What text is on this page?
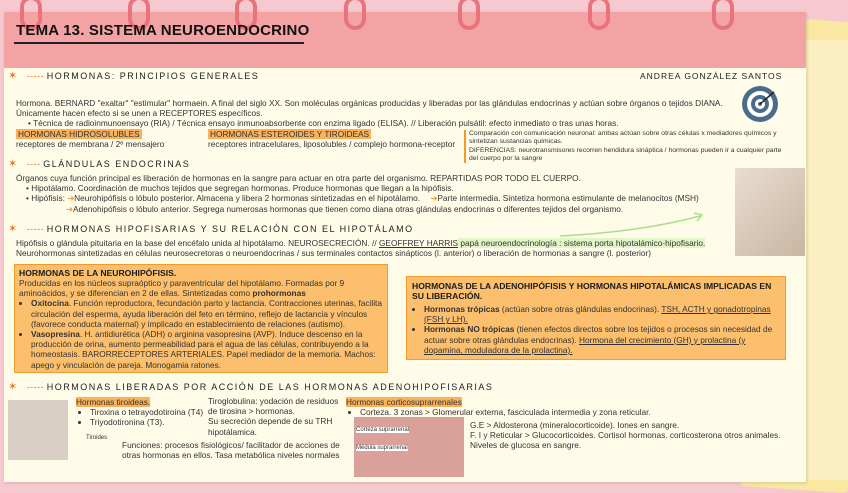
TEMA 13. SISTEMA NEUROENDOCRINO
✶ - - - - - HORMONAS: PRINCIPIOS GENERALES	ANDREA GONZÁLEZ SANTOS
Hormona. BERNARD "exaltar" "estimular" hormaein. A final del siglo XX. Son moléculas orgánicas producidas y liberadas por las glándulas endocrinas y actúan sobre órganos o tejidos DIANA.
Únicamente hacen efecto si se unen a RECEPTORES específicos.
• Técnica de radioinmunoensayo (RIA) / Técnica ensayo inmunoabsorbente con enzima ligado (ELISA). // Liberación pulsátil: efecto inmediato o tras unas horas.
HORMONAS HIDROSOLUBLES
receptores de membrana / 2º mensajero
HORMONAS ESTEROIDES Y TIROIDEAS
receptores intracelulares, liposolubles / complejo hormona-receptor
Comparación con comunicación neuronal: ambas actúan sobre otras células x mediadores químicos y sintetizan sustancias químicas.
DIFERENCIAS: neurotransmisores recorren hendidura sináptica / hormonas pueden ir a cualquier parte del cuerpo por la sangre
✶ - - - - GLÁNDULAS ENDOCRINAS
Órganos cuya función principal es liberación de hormonas en la sangre para actuar en otra parte del organismo. REPARTIDAS POR TODO EL CUERPO.
• Hipotálamo. Coordinación de muchos tejidos que segregan hormonas. Produce hormonas que llegan a la hipófisis.
• Hipófisis: ➜Neurohipófisis o lóbulo posterior. Almacena y libera 2 hormonas sintetizadas en el hipotálamo. ➜Parte intermedia. Sintetiza hormona estimulante de melanocitos (MSH)
➜Adenohipófisis o lóbulo anterior. Segrega numerosas hormonas que tienen como diana otras glándulas endocrinas o diferentes tejidos del organismo.
✶ - - - - - HORMONAS HIPOFISARIAS Y SU RELACIÓN CON EL HIPOTÁLAMO
Hipófisis o glándula pituitaria en la base del encéfalo unida al hipotálamo. NEUROSECRECIÓN. // GEOFFREY HARRIS papá neuroendocrinología : sistema porta hipotalámico-hipofisario.
Neurohormonas sintetizadas en células neurosecretoras o neuroendocrinas / sus terminales contactos sinápticos (l. anterior) o liberación de hormonas a sangre (l. posterior)
HORMONAS DE LA NEUROHIPÓFISIS.
Producidas en los núcleos supraóptico y paraventricular del hipotálamo. Formadas por 9 aminoácidos, y se diferencian en 2 de ellas. Sintetizadas como prohormonas
• Oxitocina. Función reproductora, fecundación parto y lactancia. Contracciones uterinas, facilita circulación del esperma, ayuda liberación del feto en término, reflejo de lactancia y vínculos (favorece conducta maternal) y implicado en establecimiento de relaciones (autismo).
• Vasopresina. H. antidiurética (ADH) o arginina vasopresina (AVP). Induce descenso en la producción de orina, aumento permeabilidad para el agua de las células, contribuyendo a la homeostasis. BARORRECEPTORES ARTERIALES. Papel mediador de la memoria. Machos: apego y vinculación de pareja. Monogamia ratones.
HORMONAS DE LA ADENOHIPÓFISIS Y HORMONAS HIPOTALÁMICAS IMPLICADAS EN SU LIBERACIÓN.
• Hormonas trópicas (actúan sobre otras glándulas endocrinas). TSH, ACTH y gonadotropinas (FSH y LH).
• Hormonas NO trópicas (tienen efectos directos sobre los tejidos o procesos sin necesidad de actuar sobre otras glándulas endocrinas). Hormona del crecimiento (GH) y prolactina (y dopamina, moduladora de la prolactina).
✶ - - - - - HORMONAS LIBERADAS POR ACCIÓN DE LAS HORMONAS ADENOHIPOFISARIAS
Tiroides
Hormonas tiroideas.
• Tiroxina o tetrayodotiroina (T4)
• Triyodotironina (T3).
Tiroglobulina: yodación de residuos de tirosina > hormonas.
Su secreción depende de su TRH hipotálamica.
Funciones: procesos fisiológicos/ facilitador de acciones de otras hormonas en ellos. Tasa metabólica niveles normales
Hormonas corticosuprarrenales
• Corteza. 3 zonas > Glomerular externa, fasciculada intermedia y zona reticular.
Corteza suprarrenal
Médula suprarrenal
G.E > Aldosterona (mineralocorticoide). Iones en sangre.
F. I y Reticular > Glucocorticoides. Cortisol hormonas. corticosterona otros animales. Niveles de glucosa en sangre.
